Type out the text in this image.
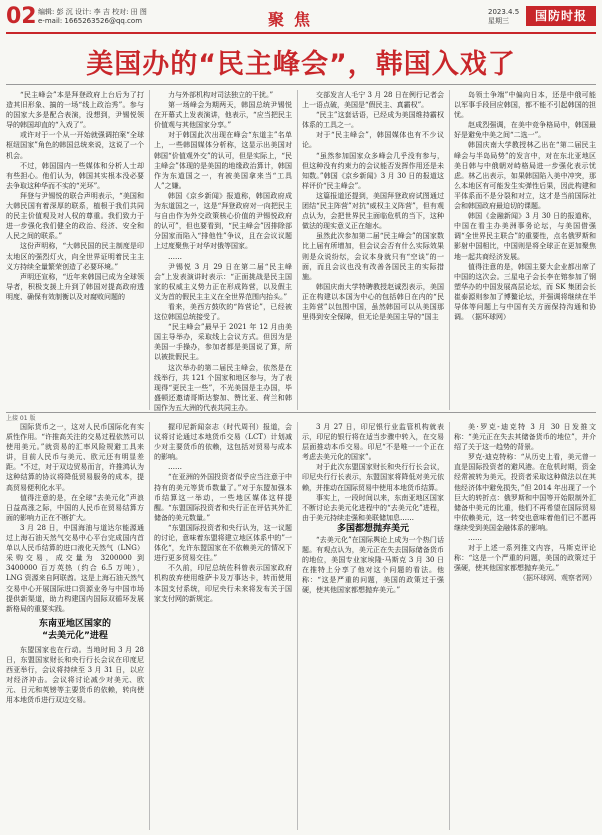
02 编辑: 彭 沉 设计: 李 吉 校对: 田 图
e-mail: 1665263526@qq.com	聚焦	2023.4.5
星期三	国防时报
美国办的“民主峰会”，韩国入戏了

“民主峰会”本是拜登政府上台后为了打造其旧形象、搞的一场“线上政治秀”。参与的国家大多是配合表演，没想到，尹锡悦领导的韩国却直的“入戏了”。

或许对于一个从一开始就强调拍案“全球枢纽国家”角色的韩国总统来说，这说了一个机会。

不过，韩国国内一些媒体和分析人士却有些担心。他们认为，韩国其实根本没必要去争取这种华而不实的“光环”。

拜登与尹锡悦的联合声明表示，“美国和大韩民国有着深厚的联系，植根于我们共同的民主价值观及对人权的尊重。我们致力于进一步强化我们健全的政治、经济、安全和人民之间的联系。”

这份声明称，“大韩民国的民主制度是印太地区的强烈灯火，向全世界证明着民主主义方持续全量繁荣创造了必要环境。”

声明还宣称，“近年来韩国已成为全球领导者，积极支援上升到了韩国对提高政府透明度、确保有效制衡以及对腐败问题的

力与外部机构对司法独立的干扰。”

第一场峰会为期两天，韩国总统尹锡悦在开幕式上发表演讲，他表示，“应当把民主价值观与其他国家分享。”

对于韩国此次出现在峰会“东道主”名单上，一些韩国媒体分析称，这显示出美国对韩国“价值观外交”的认可，但是实际上，“民主峰会”体现的是美国的地缘政治算计，韩国作为东道国之一，有被美国拿来当“工具人”之嫌。

韩国《京乡新闻》报道称，韩国政府成为东道国之一，这是“拜登政府对一向把民主与自由作为外交政策核心价值的尹锡悦政府的认可”，但也要看到，“民主峰会”因排除部分国家而陷入“排他性”争议，且在会议议题上过度聚焦于对华对俄等国家。

……

尹锡悦 3 月 29 日在第二届“民主峰会”上发表演讲时表示：“正面挑战是民主国家的权威主义势力正在形成阵营，以及假主义为首的假民主主义在全世界范围内抬头。”

看来，美西方鼓吹的“阵营论”，已经被这位韩国总统接受了。

“民主峰会”最早于 2021 年 12 月由美国主导举办，采取线上会议方式。但因为是美国一手操办，参加者都是美国说了算，所以被批假民主。

这次举办的第二届民主峰会，依然是在线举行，共 121 个国家和地区参与，为了表现得“更民主一些”，不光美国是主办国，毕盛顿还邀请哥斯达黎加、赞比亚、荷兰和韩国作为五大洲的代表共同主办。

交部发言人毛宁 3 月 28 日在例行记者会上一语点破，美国是“假民主、真霸权”。

“民主”这套话语，已经成为美国维持霸权体系的工具之一。

对于“民主峰会”，韩国媒体也有不少议论。

“虽然参加国家众多峰会几乎没有参与，但这种没有约束力的会议能否发挥作用还是未知数。”韩国《京乡新闻》3 月 30 日的报道这样评价“民主峰会”。

这篇报道还提到，美国拜登政府试图通过团结“民主阵营”对抗“威权主义阵营”，但有观点认为，会把世界民主面临危机的当下，这种做法的现实意义正在缩水。

虽然此次参加第二届“民主峰会”的国家数比上届有所增加，但会议会否有什么实际效果则是众说纷纭，会议本身就只有“空谈”的一面，而且会议也没有改善各国民主的实际措施。

韩国庆南大学特聘教授赵诚烈表示，美国正在构建以本国为中心的包括韩日在内的“民主阵营”以包围中国，虽然韩国可以从美国那里得到安全保障，但无论是美国主导的“国主

岛领土争端”中偏向日本，还是中俄可能以军事手段回应韩国，都不能不引起韩国的担忧。

赵成烈强调，在美中竞争格局中，韩国最好是避免中美之间“二选一”。

韩国庆南大学教授林乙出在“第二届民主峰会与半岛局势”的发言中，对在东北亚地区美日韩与中俄朝对峙格局进一步强化表示忧虑。林乙出表示，如果韩国陷入美中冲突，那么本地区有可能发生实弹性后果，因此构建和平体系而不是分裂和对立，这才是当前国际社会和韩国政府最迫切的课题。

韩国《金融新闻》3 月 30 日的报道称，中国在看主办美洲事务论坛，与美国借强调“全世界民主联合”的重要性，点名俄罗斯和影射中国相比，中国则是将全球正在更加聚焦地一起共商经济发展。

值得注意的是，韩国主要大企业都出席了中国的这次会。三星电子会长李在镕参加了钢塑华办的中国发展高层论坛，而 SK 集团会长崔泰源则参加了博鳌论坛，并强调将继续在半导体等问题上与中国有关方面保持沟通和协调。　（据环球网）

上接 01 版

国际货币之一，这对人民币国际化有实质性作用。“许推高关注的交易过程依然可以使用美元。”就资易的汇率风险规避工具来讲，目前人民币与美元、欧元还有明显差距。“不过，对于双边贸易而言，许推鸿认为这种结算的协议将降低贸易服务的成本，提高贸易便利化水平。

值得注意的是，在全球“去美元化”声浪日益高涨之际，中国的人民币在贸易结算方面的影响力正在不断扩大。

3 月 28 日，中国海油与道达尔能源通过上海石油天然气交易中心平台完成国内首单以人民币结算的进口液化天然气（LNG）采购交易，成交量为 3200000 到 3400000 百万英热（约合 6.5 万吨），LNG 资源来自阿联酋。这是上海石油天然气交易中心开展国际进口资源业务与中国市场提供新渠道，助力构建国内国际双循环发展新格局的重要实践。

东南亚地区国家的
“去美元化”进程

东盟国家也在行动。当地时间 3 月 28 日，东盟国家财长和央行行长会议在印度尼西亚举行，会议将持续至 3 月 31 日，以应对经济冲击。会议将讨论减少对美元、欧元、日元和英镑等主要货币的依赖，转向使用本地货币进行双边交易。

握印尼新闻奈志（时代周刊）报道，会议将讨论通过本地货币交易（LCT）计划减少对主要货币的依赖，这包括对贸易与成本的影响。

……

“在亚洲的外国投资者似乎应当注意于中持有的美元等货币数量了。”对于东盟加强本币结算这一举动，一些地区媒体这样提醒。“东盟国际投资者和央行正在评估其外汇储备的美元数量。”

“东盟国际投资者和央行认为，这一议题的讨论，意味着东盟将建立地区体系中的”一体化“，允许东盟国家在不依赖美元的情况下进行更多贸易交往。”

不久前，印尼总统佐科曾表示国家政府机构放弃使用维萨卡及万事达卡，转而使用本国支付系统，印尼央行未来将发布关于国家支付网的新规定。

3 月 27 日，印尼银行业监管机构就表示，印尼的银行将在适当步骤中转入，在交易层面推动本币交易。印尼“不是唯一一个正在考虑去美元化的国家”。

对于此次东盟国家财长和央行行长会议，印尼央行行长表示，东盟国家将降低对美元依赖，并推动在国际贸易中使用本地货币结算。

事实上，一段时间以来，东南亚地区国家不断讨论去美元化进程中的“去美元化”进程，由于美元持续走强和美联储加息……

多国都想抛弃美元

“去美元化”在国际舆论上成为一个热门话题。有观点认为，美元正在失去国际储备货币的地位，美国专业家埃隆·马斯克 3 月 30 日在推特上分享了他对这个问题的看法。他称：“这是严重的问题，美国的政策过于强硬，使其他国家都想抛弃美元。”

美·罗克-迪克特 3 月 30 日发推文称：“美元正在失去其储备货币的地位”，并介绍了关于这一趋势的背景。

罗克-迪克特称：“从历史上看，美元曾一直是国际投资者的避风港。在危机时期，资金经常被转为美元，投资者采取这种做法以在其他经济体中避免损失，”但 2014 年出现了一个巨大的转折点：俄罗斯和中国等开始限制外汇储备中美元的比重，他们不再希望在国际贸易中依赖美元，这一转变也意味着他们已不愿再继续受到美国金融体系的影响。

……

对于上述一系列推文内容，马斯克评论称：“这是一个严重的问题，美国的政策过于强硬，使其他国家都想抛弃美元。”

（据环球网、观察者网）
